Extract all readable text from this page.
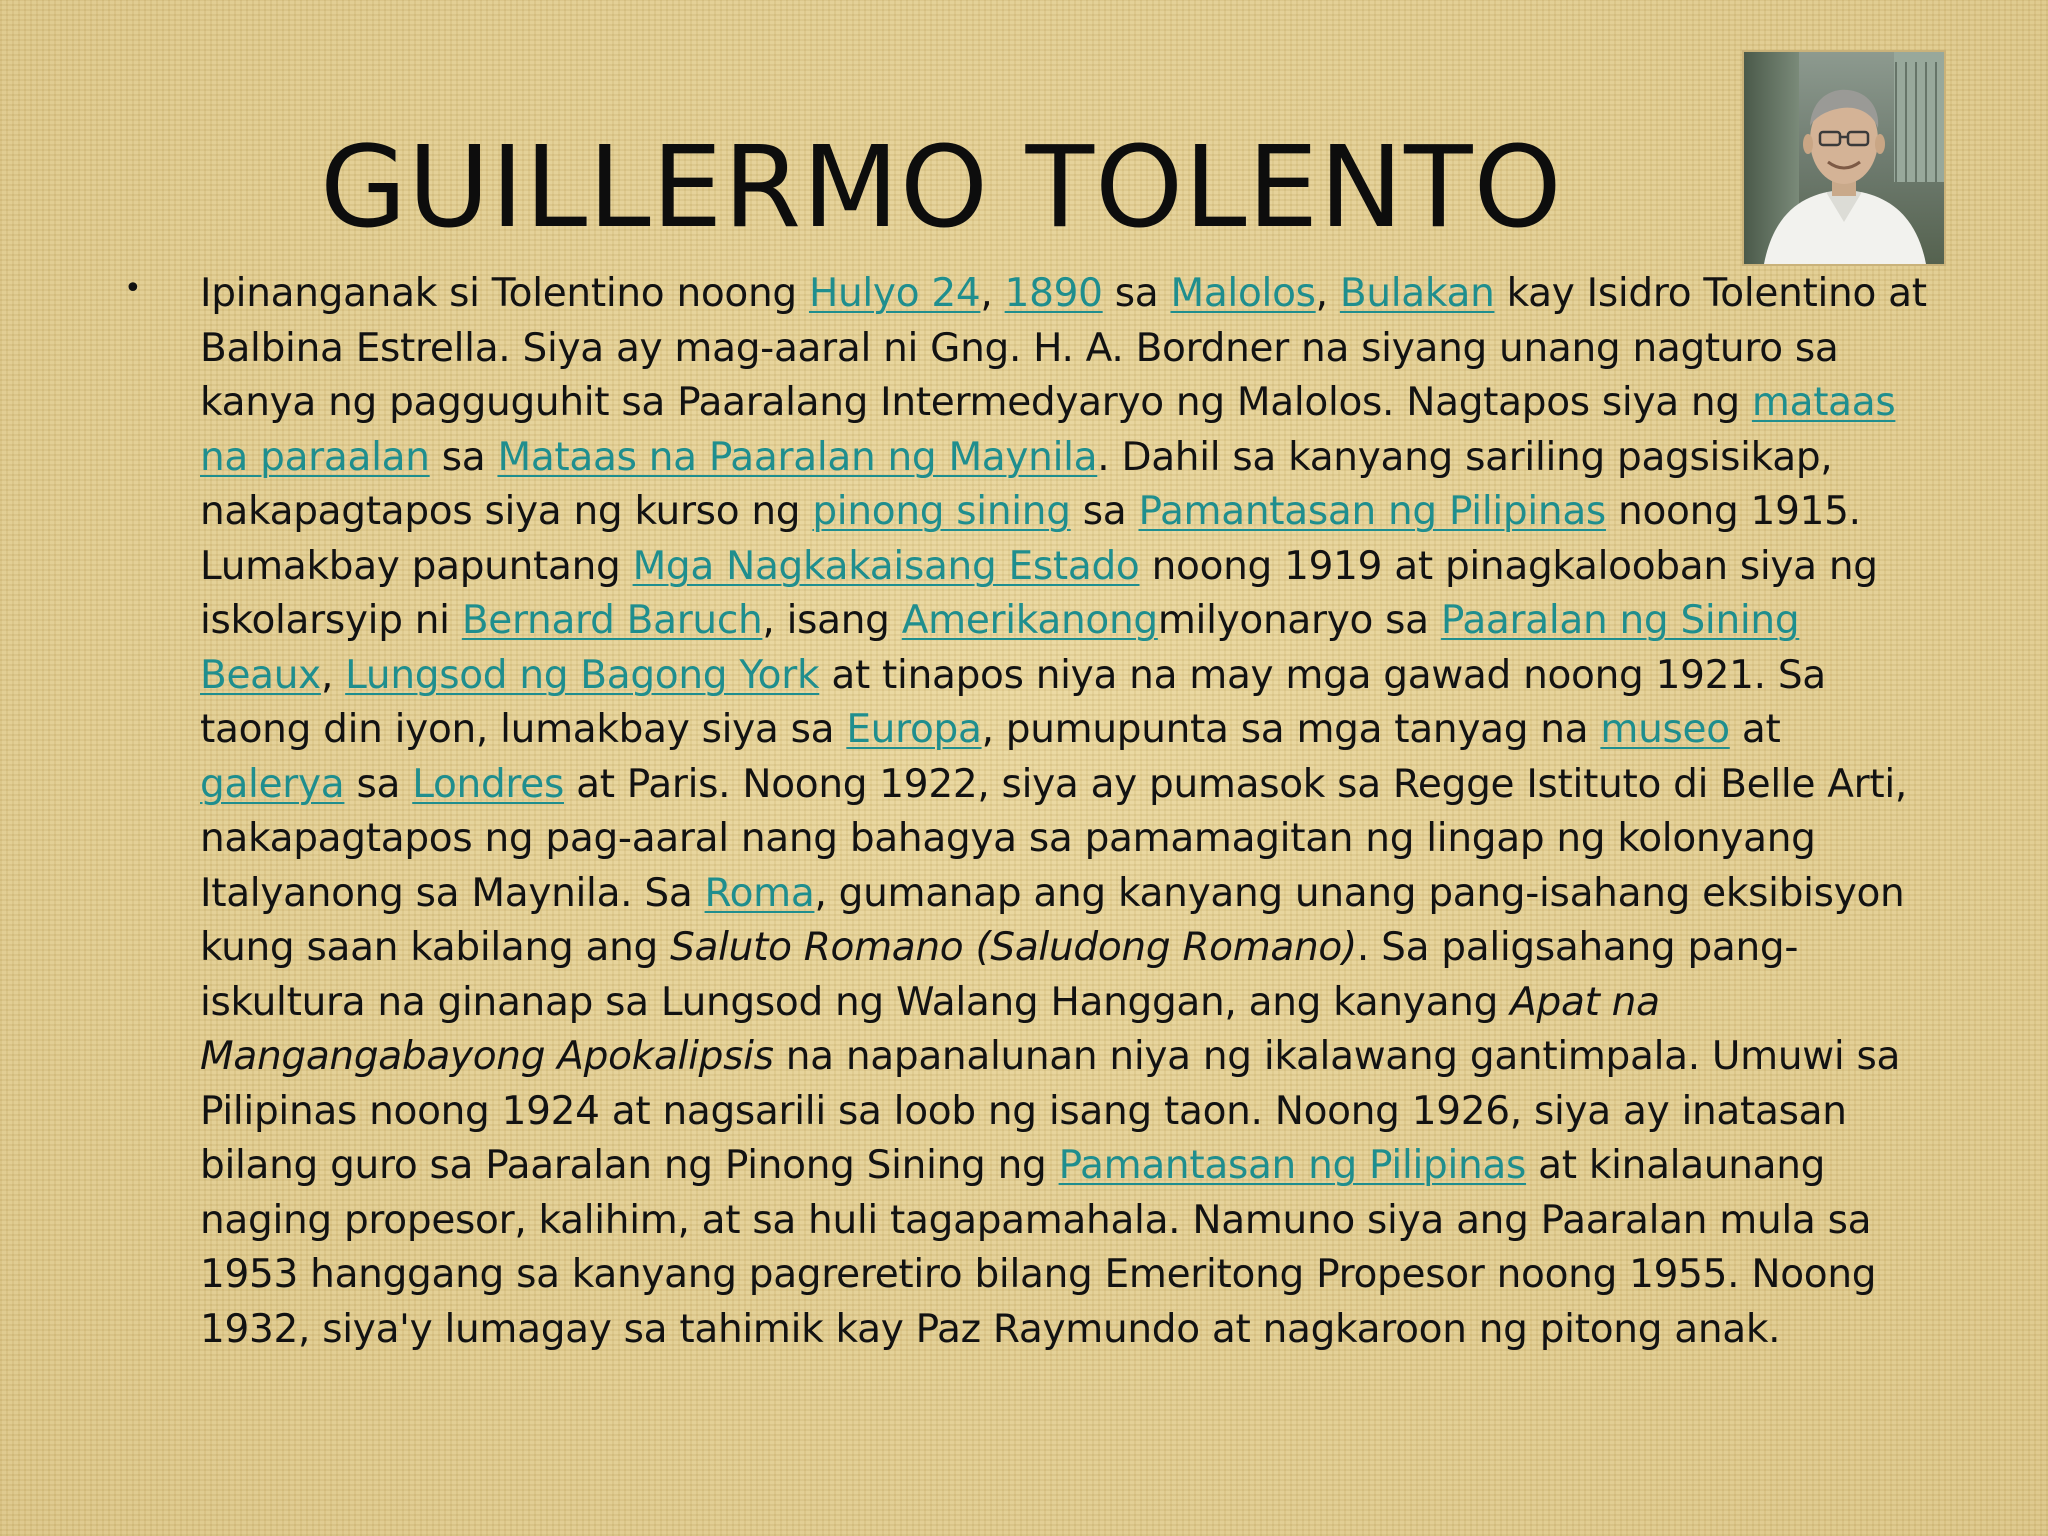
GUILLERMO TOLENTO
• Ipinanganak si Tolentino noong Hulyo 24, 1890 sa Malolos, Bulakan kay Isidro Tolentino at Balbina Estrella. Siya ay mag-aaral ni Gng. H. A. Bordner na siyang unang nagturo sa kanya ng pagguguhit sa Paaralang Intermedyaryo ng Malolos. Nagtapos siya ng mataas na paraalan sa Mataas na Paaralan ng Maynila. Dahil sa kanyang sariling pagsisikap, nakapagtapos siya ng kurso ng pinong sining sa Pamantasan ng Pilipinas noong 1915. Lumakbay papuntang Mga Nagkakaisang Estado noong 1919 at pinagkalooban siya ng iskolarsyip ni Bernard Baruch, isang Amerikanongmilyonaryo sa Paaralan ng Sining Beaux, Lungsod ng Bagong York at tinapos niya na may mga gawad noong 1921. Sa taong din iyon, lumakbay siya sa Europa, pumupunta sa mga tanyag na museo at galerya sa Londres at Paris. Noong 1922, siya ay pumasok sa Regge Istituto di Belle Arti, nakapagtapos ng pag-aaral nang bahagya sa pamamagitan ng lingap ng kolonyang Italyanong sa Maynila. Sa Roma, gumanap ang kanyang unang pang-isahang eksibisyon kung saan kabilang ang Saluto Romano (Saludong Romano). Sa paligsahang pang-iskultura na ginanap sa Lungsod ng Walang Hanggan, ang kanyang Apat na Mangangabayong Apokalipsis na napanalunan niya ng ikalawang gantimpala. Umuwi sa Pilipinas noong 1924 at nagsarili sa loob ng isang taon. Noong 1926, siya ay inatasan bilang guro sa Paaralan ng Pinong Sining ng Pamantasan ng Pilipinas at kinalaunang naging propesor, kalihim, at sa huli tagapamahala. Namuno siya ang Paaralan mula sa 1953 hanggang sa kanyang pagreretiro bilang Emeritong Propesor noong 1955. Noong 1932, siya'y lumagay sa tahimik kay Paz Raymundo at nagkaroon ng pitong anak.
